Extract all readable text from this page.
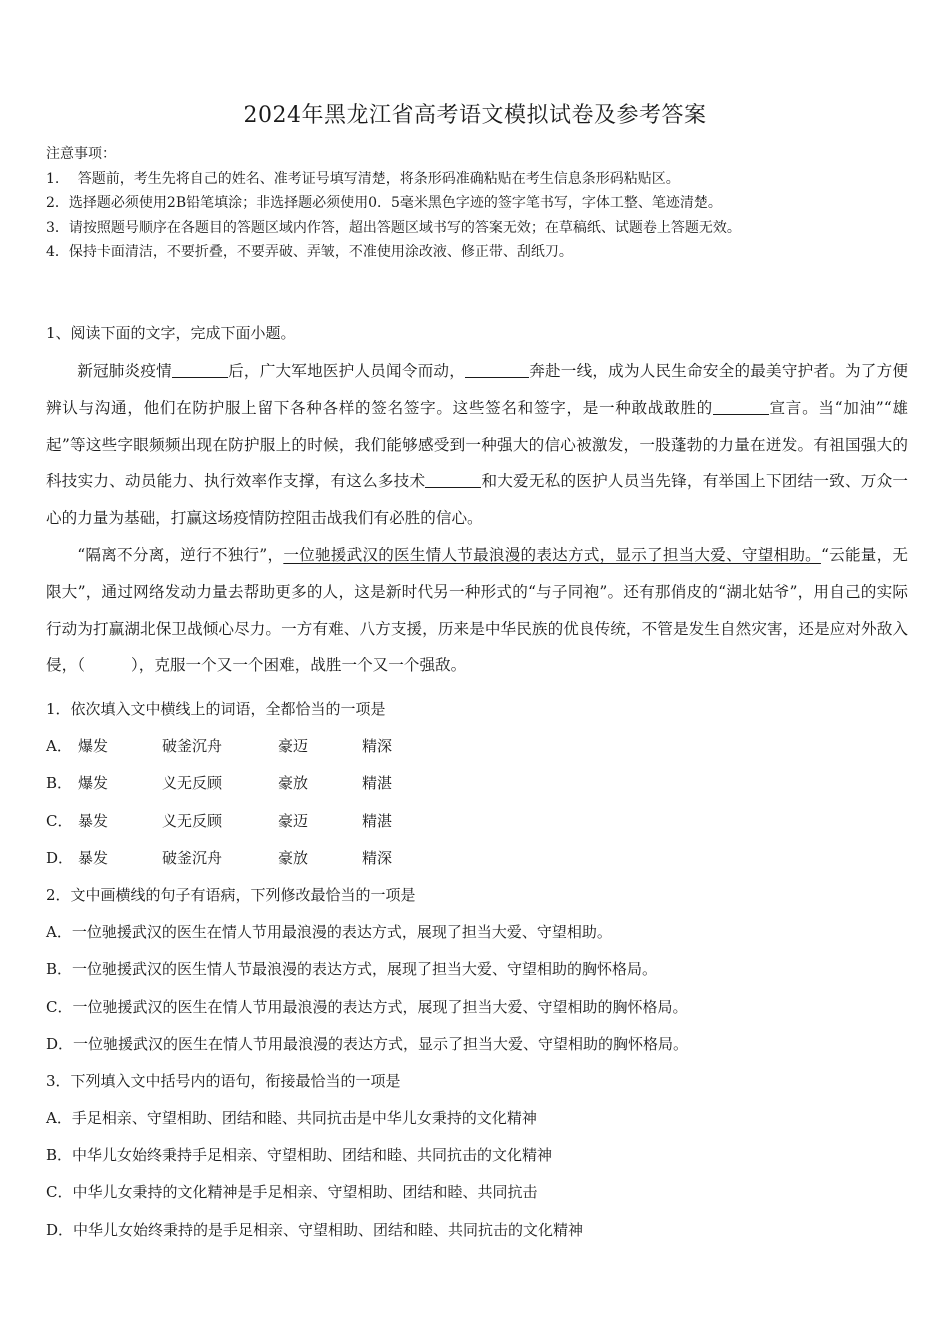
2024年黑龙江省高考语文模拟试卷及参考答案
注意事项：
1.　 答题前，考生先将自己的姓名、准考证号填写清楚，将条形码准确粘贴在考生信息条形码粘贴区。
2．选择题必须使用2B铅笔填涂；非选择题必须使用0．5毫米黑色字迹的签字笔书写，字体工整、笔迹清楚。
3．请按照题号顺序在各题目的答题区域内作答，超出答题区域书写的答案无效；在草稿纸、试题卷上答题无效。
4．保持卡面清洁，不要折叠，不要弄破、弄皱，不准使用涂改液、修正带、刮纸刀。
1、阅读下面的文字，完成下面小题。

新冠肺炎疫情	后，广大军地医护人员闻令而动，	奔赴一线，成为人民生命安全的最美守护者。为了方便辨认与沟通，他们在防护服上留下各种各样的签名签字。这些签名和签字，是一种敢战敢胜的	宣言。当“加油”“雄起”等这些字眼频频出现在防护服上的时候，我们能够感受到一种强大的信心被激发，一股蓬勃的力量在迸发。有祖国强大的科技实力、动员能力、执行效率作支撑，有这么多技术	和大爱无私的医护人员当先锋，有举国上下团结一致、万众一心的力量为基础，打赢这场疫情防控阻击战我们有必胜的信心。

“隔离不分离，逆行不独行”，一位驰援武汉的医生情人节最浪漫的表达方式，显示了担当大爱、守望相助。“云能量，无限大”，通过网络发动力量去帮助更多的人，这是新时代另一种形式的“与子同袍”。还有那俏皮的“湖北姑爷”，用自己的实际行动为打赢湖北保卫战倾心尽力。一方有难、八方支援，历来是中华民族的优良传统，不管是发生自然灾害，还是应对外敌入侵，（	），克服一个又一个困难，战胜一个又一个强敌。

1．依次填入文中横线上的词语，全都恰当的一项是
A． 爆发	破釜沉舟	豪迈	精深
B． 爆发	义无反顾	豪放	精湛
C． 暴发	义无反顾	豪迈	精湛
D． 暴发	破釜沉舟	豪放	精深
2．文中画横线的句子有语病，下列修改最恰当的一项是
A．一位驰援武汉的医生在情人节用最浪漫的表达方式，展现了担当大爱、守望相助。
B．一位驰援武汉的医生情人节最浪漫的表达方式，展现了担当大爱、守望相助的胸怀格局。
C．一位驰援武汉的医生在情人节用最浪漫的表达方式，展现了担当大爱、守望相助的胸怀格局。
D．一位驰援武汉的医生在情人节用最浪漫的表达方式，显示了担当大爱、守望相助的胸怀格局。
3．下列填入文中括号内的语句，衔接最恰当的一项是
A．手足相亲、守望相助、团结和睦、共同抗击是中华儿女秉持的文化精神
B．中华儿女始终秉持手足相亲、守望相助、团结和睦、共同抗击的文化精神
C．中华儿女秉持的文化精神是手足相亲、守望相助、团结和睦、共同抗击
D．中华儿女始终秉持的是手足相亲、守望相助、团结和睦、共同抗击的文化精神
